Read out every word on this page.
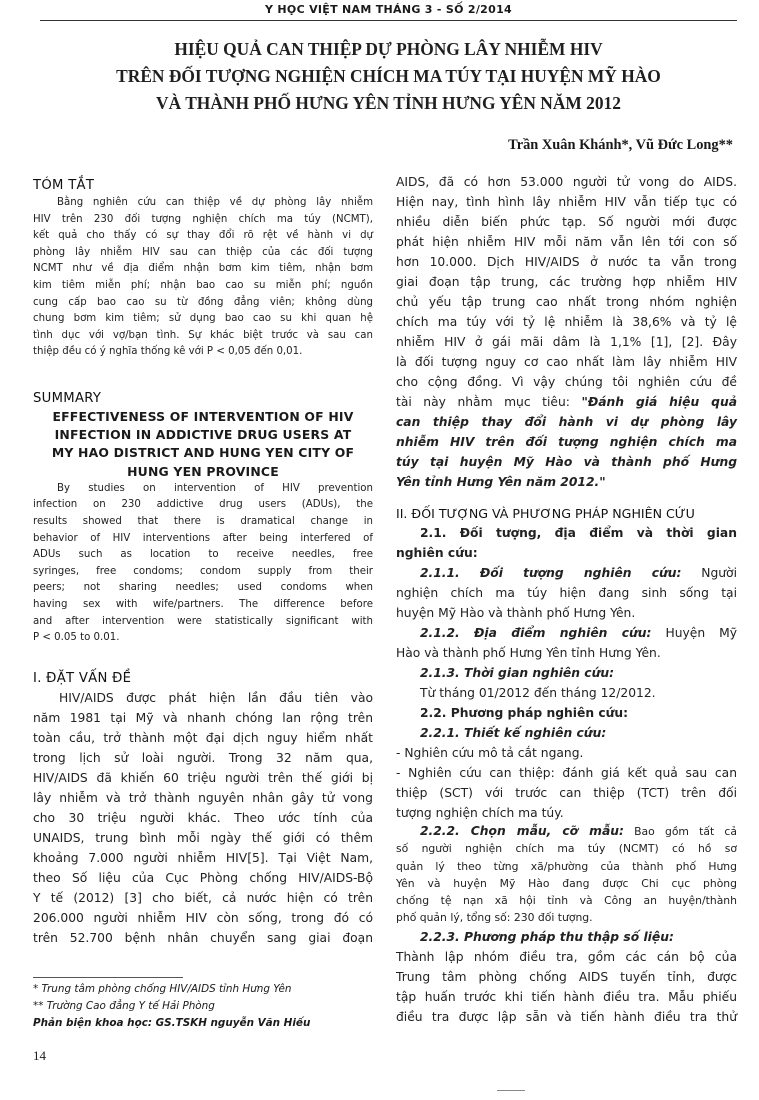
Y HỌC VIỆT NAM THÁNG 3 - SỐ 2/2014
HIỆU QUẢ CAN THIỆP DỰ PHÒNG LÂY NHIỄM HIV
TRÊN ĐỐI TƯỢNG NGHIỆN CHÍCH MA TÚY TẠI HUYỆN MỸ HÀO
VÀ THÀNH PHỐ HƯNG YÊN TỈNH HƯNG YÊN NĂM 2012
Trần Xuân Khánh*, Vũ Đức Long**
TÓM TẮT
Bằng nghiên cứu can thiệp về dự phòng lây nhiễm
HIV trên 230 đối tượng nghiện chích ma túy (NCMT),
kết quả cho thấy có sự thay đổi rõ rệt về hành vi dự
phòng lây nhiễm HIV sau can thiệp của các đối tượng
NCMT như về địa điểm nhận bơm kim tiêm, nhận bơm
kim tiêm miễn phí; nhận bao cao su miễn phí; nguồn
cung cấp bao cao su từ đồng đẳng viên; không dùng
chung bơm kim tiêm; sử dụng bao cao su khi quan hệ
tình dục với vợ/bạn tình. Sự khác biệt trước và sau can
thiệp đều có ý nghĩa thống kê với P < 0,05 đến 0,01.
SUMMARY
EFFECTIVENESS OF INTERVENTION OF HIV
INFECTION IN ADDICTIVE DRUG USERS AT
MY HAO DISTRICT AND HUNG YEN CITY OF
HUNG YEN PROVINCE
By studies on intervention of HIV prevention
infection on 230 addictive drug users (ADUs), the
results showed that there is dramatical change in
behavior of HIV interventions after being interfered of
ADUs such as location to receive needles, free
syringes, free condoms; condom supply from their
peers; not sharing needles; used condoms when
having sex with wife/partners. The difference before
and after intervention were statistically significant with
P < 0.05 to 0.01.
I. ĐẶT VẤN ĐỀ
HIV/AIDS được phát hiện lần đầu tiên vào
năm 1981 tại Mỹ và nhanh chóng lan rộng trên
toàn cầu, trở thành một đại dịch nguy hiểm nhất
trong lịch sử loài người. Trong 32 năm qua,
HIV/AIDS đã khiến 60 triệu người trên thế giới bị
lây nhiễm và trở thành nguyên nhân gây tử vong
cho 30 triệu người khác. Theo ước tính của
UNAIDS, trung bình mỗi ngày thế giới có thêm
khoảng 7.000 người nhiễm HIV[5]. Tại Việt Nam,
theo Số liệu của Cục Phòng chống HIV/AIDS-Bộ
Y tế (2012) [3] cho biết, cả nước hiện có trên
206.000 người nhiễm HIV còn sống, trong đó có
trên 52.700 bệnh nhân chuyển sang giai đoạn
* Trung tâm phòng chống HIV/AIDS tỉnh Hưng Yên
** Trường Cao đẳng Y tế Hải Phòng
Phản biện khoa học: GS.TSKH nguyễn Văn Hiếu
14
AIDS, đã có hơn 53.000 người tử vong do AIDS.
Hiện nay, tình hình lây nhiễm HIV vẫn tiếp tục có
nhiều diễn biến phức tạp. Số người mới được
phát hiện nhiễm HIV mỗi năm vẫn lên tới con số
hơn 10.000. Dịch HIV/AIDS ở nước ta vẫn trong
giai đoạn tập trung, các trường hợp nhiễm HIV
chủ yếu tập trung cao nhất trong nhóm nghiện
chích ma túy với tỷ lệ nhiễm là 38,6% và tỷ lệ
nhiễm HIV ở gái mãi dâm là 1,1% [1], [2]. Đây
là đối tượng nguy cơ cao nhất làm lây nhiễm HIV
cho cộng đồng. Vì vậy chúng tôi nghiên cứu đề
tài này nhằm mục tiêu: "Đánh giá hiệu quả
can thiệp thay đổi hành vi dự phòng lây
nhiễm HIV trên đối tượng nghiện chích ma
túy tại huyện Mỹ Hào và thành phố Hưng
Yên tỉnh Hưng Yên năm 2012."
II. ĐỐI TƯỢNG VÀ PHƯƠNG PHÁP NGHIÊN CỨU
2.1. Đối tượng, địa điểm và thời gian
nghiên cứu:
2.1.1. Đối tượng nghiên cứu: Người
nghiện chích ma túy hiện đang sinh sống tại
huyện Mỹ Hào và thành phố Hưng Yên.
2.1.2. Địa điểm nghiên cứu: Huyện Mỹ
Hào và thành phố Hưng Yên tỉnh Hưng Yên.
2.1.3. Thời gian nghiên cứu:
Từ tháng 01/2012 đến tháng 12/2012.
2.2. Phương pháp nghiên cứu:
2.2.1. Thiết kế nghiên cứu:
- Nghiên cứu mô tả cắt ngang.
- Nghiên cứu can thiệp: đánh giá kết quả sau can
thiệp (SCT) với trước can thiệp (TCT) trên đối
tượng nghiện chích ma túy.
2.2.2. Chọn mẫu, cỡ mẫu: Bao gồm tất cả
số người nghiện chích ma túy (NCMT) có hồ sơ
quản lý theo từng xã/phường của thành phố Hưng
Yên và huyện Mỹ Hào đang được Chi cục phòng
chống tệ nạn xã hội tỉnh và Công an huyện/thành
phố quản lý, tổng số: 230 đối tượng.
2.2.3. Phương pháp thu thập số liệu:
Thành lập nhóm điều tra, gồm các cán bộ của
Trung tâm phòng chống AIDS tuyến tỉnh, được
tập huấn trước khi tiến hành điều tra. Mẫu phiếu
điều tra được lập sẵn và tiến hành điều tra thử
